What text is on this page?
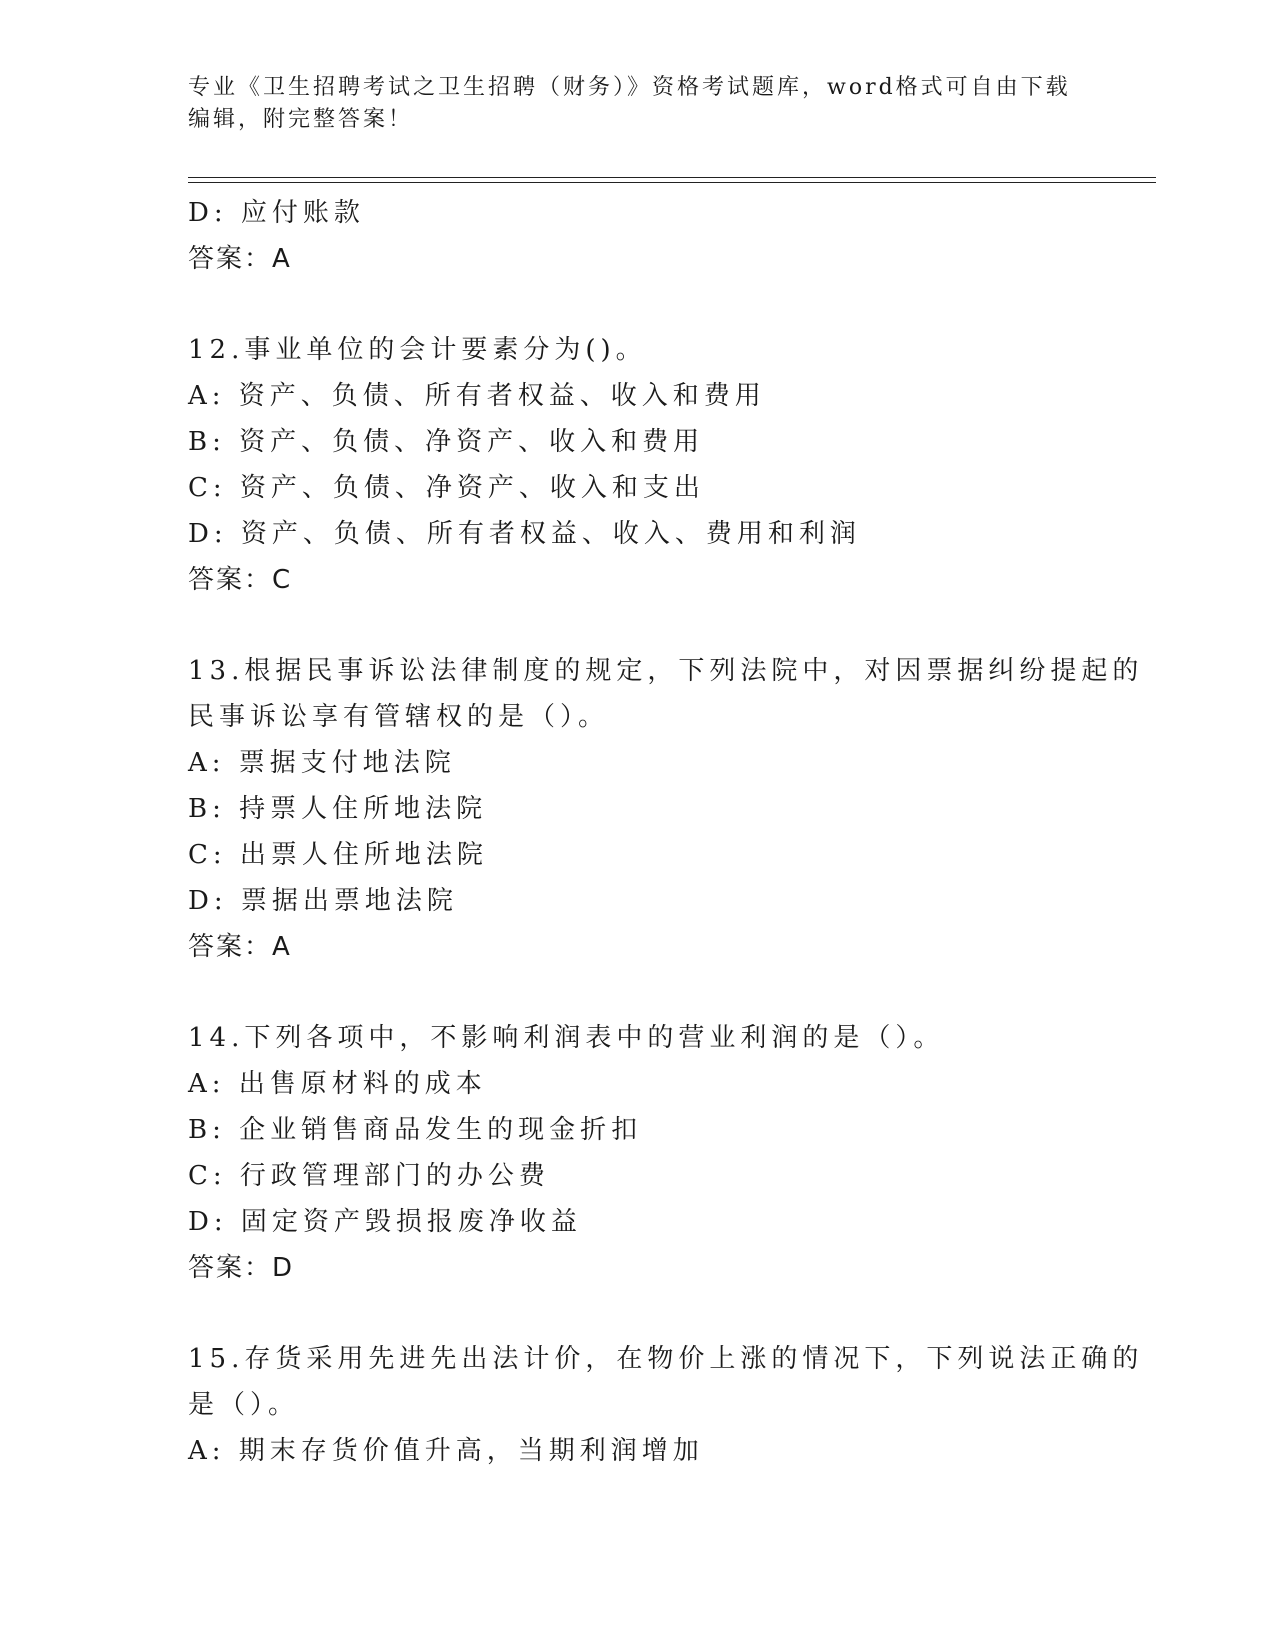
专业《卫生招聘考试之卫生招聘（财务）》资格考试题库，word格式可自由下载
编辑，附完整答案！
D: 应付账款
答案：A
12.事业单位的会计要素分为()。
A: 资产、负债、所有者权益、收入和费用
B: 资产、负债、净资产、收入和费用
C: 资产、负债、净资产、收入和支出
D: 资产、负债、所有者权益、收入、费用和利润
答案：C
13.根据民事诉讼法律制度的规定，下列法院中，对因票据纠纷提起的
民事诉讼享有管辖权的是（）。
A: 票据支付地法院
B: 持票人住所地法院
C: 出票人住所地法院
D: 票据出票地法院
答案：A
14.下列各项中，不影响利润表中的营业利润的是（）。
A: 出售原材料的成本
B: 企业销售商品发生的现金折扣
C: 行政管理部门的办公费
D: 固定资产毁损报废净收益
答案：D
15.存货采用先进先出法计价，在物价上涨的情况下，下列说法正确的
是（）。
A: 期末存货价值升高，当期利润增加
